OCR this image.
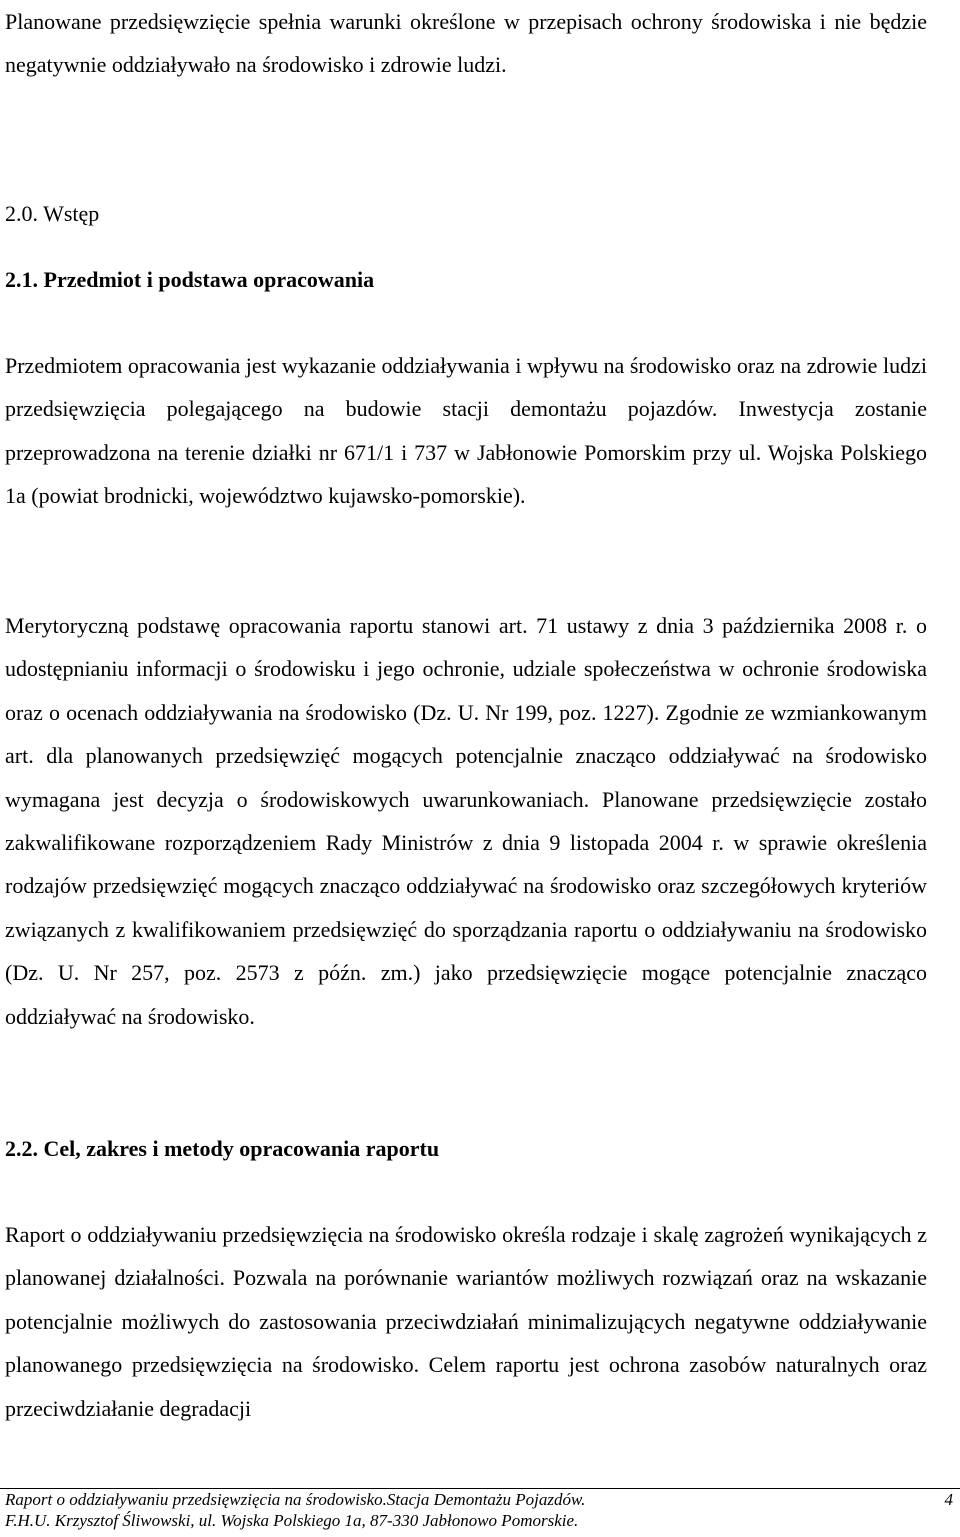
Planowane przedsięwzięcie spełnia warunki określone w przepisach ochrony środowiska i nie będzie negatywnie oddziaływało na środowisko i zdrowie ludzi.

2.0. Wstęp
2.1. Przedmiot i podstawa opracowania

Przedmiotem opracowania jest wykazanie oddziaływania i wpływu na środowisko oraz na zdrowie ludzi przedsięwzięcia polegającego na budowie stacji demontażu pojazdów. Inwestycja zostanie przeprowadzona na terenie działki nr 671/1 i 737 w Jabłonowie Pomorskim przy ul. Wojska Polskiego 1a (powiat brodnicki, województwo kujawsko-pomorskie).

Merytoryczną podstawę opracowania raportu stanowi art. 71 ustawy z dnia 3 października 2008 r. o udostępnianiu informacji o środowisku i jego ochronie, udziale społeczeństwa w ochronie środowiska oraz o ocenach oddziaływania na środowisko (Dz. U. Nr 199, poz. 1227). Zgodnie ze wzmiankowanym art. dla planowanych przedsięwzięć mogących potencjalnie znacząco oddziaływać na środowisko wymagana jest decyzja o środowiskowych uwarunkowaniach. Planowane przedsięwzięcie zostało zakwalifikowane rozporządzeniem Rady Ministrów z dnia 9 listopada 2004 r. w sprawie określenia rodzajów przedsięwzięć mogących znacząco oddziaływać na środowisko oraz szczegółowych kryteriów związanych z kwalifikowaniem przedsięwzięć do sporządzania raportu o oddziaływaniu na środowisko (Dz. U. Nr 257, poz. 2573 z późn. zm.) jako przedsięwzięcie mogące potencjalnie znacząco oddziaływać na środowisko.

2.2. Cel, zakres i metody opracowania raportu

Raport o oddziaływaniu przedsięwzięcia na środowisko określa rodzaje i skalę zagrożeń wynikających z planowanej działalności. Pozwala na porównanie wariantów możliwych rozwiązań oraz na wskazanie potencjalnie możliwych do zastosowania przeciwdziałań minimalizujących negatywne oddziaływanie planowanego przedsięwzięcia na środowisko. Celem raportu jest ochrona zasobów naturalnych oraz przeciwdziałanie degradacji

Raport o oddziaływaniu przedsięwzięcia na środowisko.Stacja Demontażu Pojazdów.	4
F.H.U. Krzysztof Śliwowski, ul. Wojska Polskiego 1a, 87-330 Jabłonowo Pomorskie.
